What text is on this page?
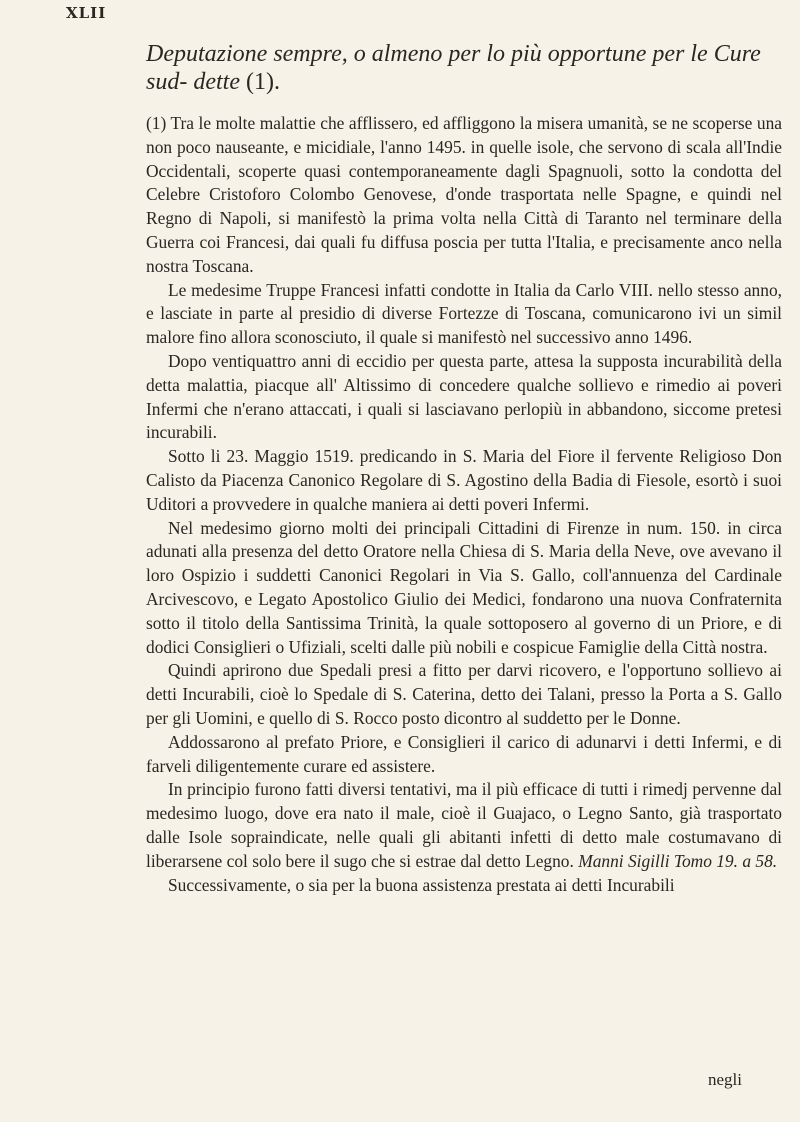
XLII
Deputazione sempre, o almeno per lo più opportune per le Cure sud- dette (1).

(1) Tra le molte malattie che afflissero, ed affliggono la misera umanità, se ne scoperse una non poco nauseante, e micidiale, l'anno 1495. in quelle isole, che servono di scala all'Indie Occidentali, scoperte quasi contemporaneamente dagli Spagnuoli, sotto la condotta del Celebre Cristoforo Colombo Genovese, d'onde trasportata nelle Spagne, e quindi nel Regno di Napoli, si manifestò la prima volta nella Città di Taranto nel terminare della Guerra coi Francesi, dai quali fu diffusa poscia per tutta l'Italia, e precisamente anco nella nostra Toscana.

Le medesime Truppe Francesi infatti condotte in Italia da Carlo VIII. nello stesso anno, e lasciate in parte al presidio di diverse Fortezze di Toscana, comunicarono ivi un simil malore fino allora sconosciuto, il quale si manifestò nel successivo anno 1496.

Dopo ventiquattro anni di eccidio per questa parte, attesa la supposta incurabilità della detta malattia, piacque all' Altissimo di concedere qualche sollievo e rimedio ai poveri Infermi che n'erano attaccati, i quali si lasciavano perlopiù in abbandono, siccome pretesi incurabili.

Sotto li 23. Maggio 1519. predicando in S. Maria del Fiore il fervente Religioso Don Calisto da Piacenza Canonico Regolare di S. Agostino della Badia di Fiesole, esortò i suoi Uditori a provvedere in qualche maniera ai detti poveri Infermi.

Nel medesimo giorno molti dei principali Cittadini di Firenze in num. 150. in circa adunati alla presenza del detto Oratore nella Chiesa di S. Maria della Neve, ove avevano il loro Ospizio i suddetti Canonici Regolari in Via S. Gallo, coll'annuenza del Cardinale Arcivescovo, e Legato Apostolico Giulio dei Medici, fondarono una nuova Confraternita sotto il titolo della Santissima Trinità, la quale sottoposero al governo di un Priore, e di dodici Consiglieri o Ufiziali, scelti dalle più nobili e cospicue Famiglie della Città nostra.

Quindi aprirono due Spedali presi a fitto per darvi ricovero, e l'opportuno sollievo ai detti Incurabili, cioè lo Spedale di S. Caterina, detto dei Talani, presso la Porta a S. Gallo per gli Uomini, e quello di S. Rocco posto dicontro al suddetto per le Donne.

Addossarono al prefato Priore, e Consiglieri il carico di adunarvi i detti Infermi, e di farveli diligentemente curare ed assistere.

In principio furono fatti diversi tentativi, ma il più efficace di tutti i rimedj pervenne dal medesimo luogo, dove era nato il male, cioè il Guajaco, o Legno Santo, già trasportato dalle Isole sopraindicate, nelle quali gli abitanti infetti di detto male costumavano di liberarsene col solo bere il sugo che si estrae dal detto Legno. Manni Sigilli Tomo 19. a 58.

Successivamente, o sia per la buona assistenza prestata ai detti Incurabili

negli
